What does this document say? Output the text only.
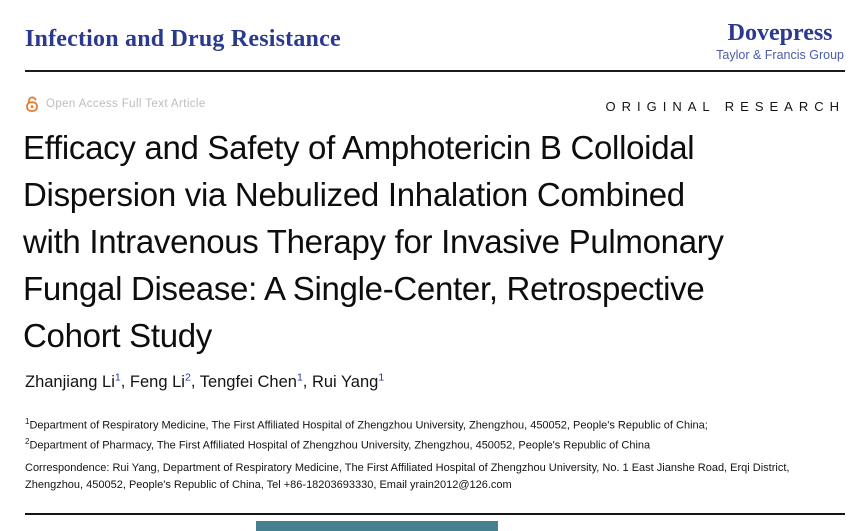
Infection and Drug Resistance	Dovepress
Taylor & Francis Group
Open Access Full Text Article	ORIGINAL RESEARCH
Efficacy and Safety of Amphotericin B Colloidal
Dispersion via Nebulized Inhalation Combined
with Intravenous Therapy for Invasive Pulmonary
Fungal Disease: A Single-Center, Retrospective
Cohort Study
Zhanjiang Li$^1$, Feng Li$^2$, Tengfei Chen$^1$, Rui Yang$^1$
$^1$Department of Respiratory Medicine, The First Affiliated Hospital of Zhengzhou University, Zhengzhou, 450052, People's Republic of China;
$^2$Department of Pharmacy, The First Affiliated Hospital of Zhengzhou University, Zhengzhou, 450052, People's Republic of China
Correspondence: Rui Yang, Department of Respiratory Medicine, The First Affiliated Hospital of Zhengzhou University, No. 1 East Jianshe Road, Erqi District, Zhengzhou, 450052, People's Republic of China, Tel +86-18203693330, Email yrain2012@126.com
